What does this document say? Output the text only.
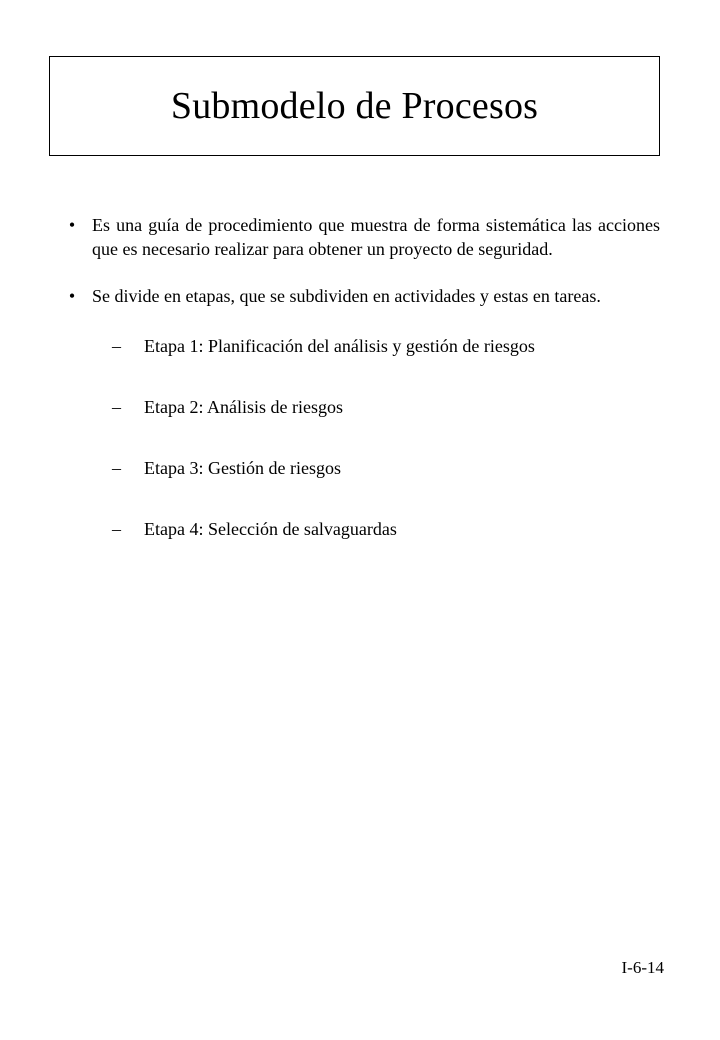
Submodelo de Procesos
• Es una guía de procedimiento que muestra de forma sistemática las acciones que es necesario realizar para obtener un proyecto de seguridad.
• Se divide en etapas, que se subdividen en actividades y estas en tareas.
–	Etapa 1: Planificación del análisis y gestión de riesgos
–	Etapa 2: Análisis de riesgos
–	Etapa 3: Gestión de riesgos
–	Etapa 4: Selección de salvaguardas
I-6-14
